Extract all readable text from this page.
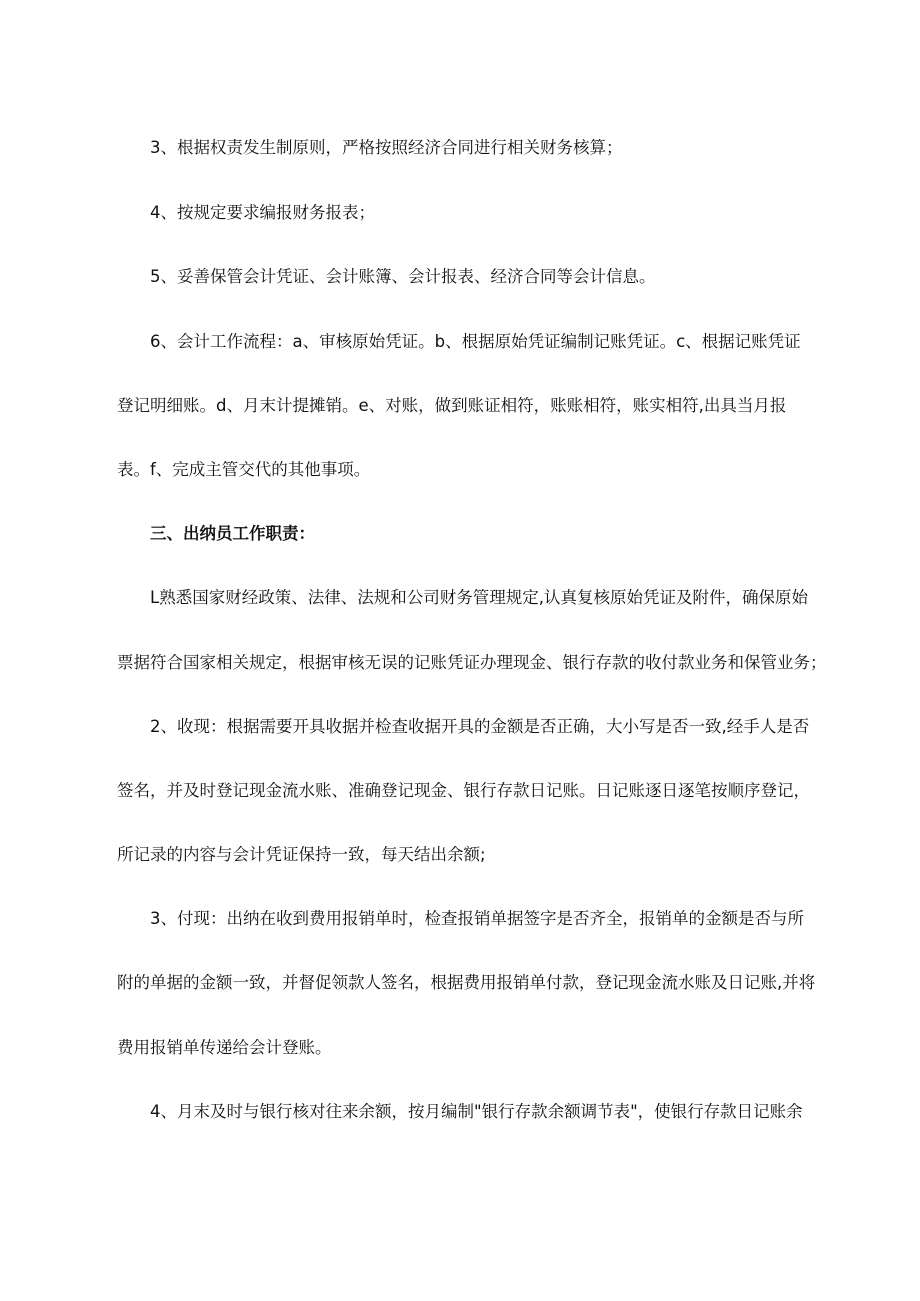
3、根据权责发生制原则，严格按照经济合同进行相关财务核算；
4、按规定要求编报财务报表；
5、妥善保管会计凭证、会计账簿、会计报表、经济合同等会计信息。
6、会计工作流程：a、审核原始凭证。b、根据原始凭证编制记账凭证。c、根据记账凭证
登记明细账。d、月末计提摊销。e、对账，做到账证相符，账账相符，账实相符,出具当月报
表。f、完成主管交代的其他事项。
三、出纳员工作职责：
L熟悉国家财经政策、法律、法规和公司财务管理规定,认真复核原始凭证及附件，确保原始
票据符合国家相关规定，根据审核无误的记账凭证办理现金、银行存款的收付款业务和保管业务；
2、收现：根据需要开具收据并检查收据开具的金额是否正确，大小写是否一致,经手人是否
签名，并及时登记现金流水账、准确登记现金、银行存款日记账。日记账逐日逐笔按顺序登记，
所记录的内容与会计凭证保持一致，每天结出余额;
3、付现：出纳在收到费用报销单时，检查报销单据签字是否齐全，报销单的金额是否与所
附的单据的金额一致，并督促领款人签名，根据费用报销单付款，登记现金流水账及日记账,并将
费用报销单传递给会计登账。
4、月末及时与银行核对往来余额，按月编制"银行存款余额调节表"，使银行存款日记账余
